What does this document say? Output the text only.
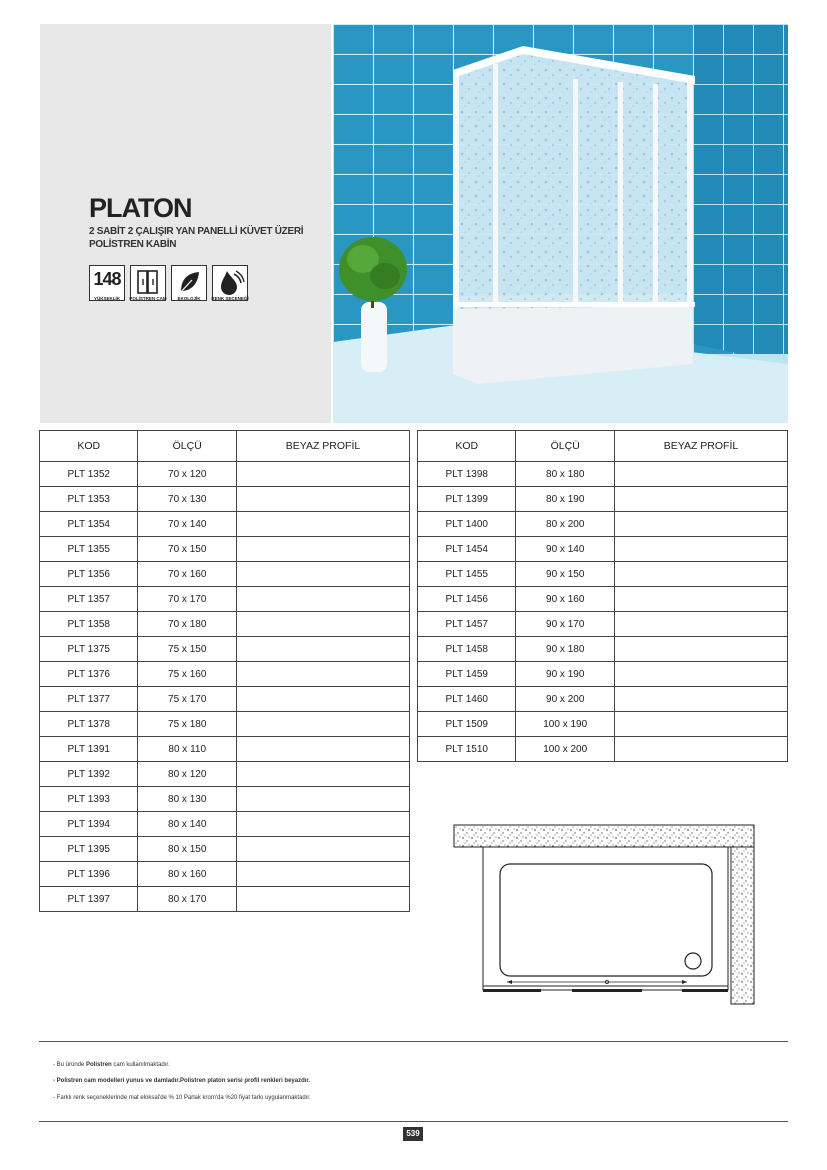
PLATON
2 SABİT 2 ÇALIŞIR YAN PANELLİ KÜVET ÜZERİ
POLİSTREN KABİN
148
YÜKSEKLİK	POLİSTREN CAM	EKOLOJİK	RENK SEÇENEĞİ
KOD	ÖLÇÜ	BEYAZ PROFİL
PLT 1352	70 x 120	
PLT 1353	70 x 130	
PLT 1354	70 x 140	
PLT 1355	70 x 150	
PLT 1356	70 x 160	
PLT 1357	70 x 170	
PLT 1358	70 x 180	
PLT 1375	75 x 150	
PLT 1376	75 x 160	
PLT 1377	75 x 170	
PLT 1378	75 x 180	
PLT 1391	80 x 110	
PLT 1392	80 x 120	
PLT 1393	80 x 130	
PLT 1394	80 x 140	
PLT 1395	80 x 150	
PLT 1396	80 x 160	
PLT 1397	80 x 170	
KOD	ÖLÇÜ	BEYAZ PROFİL
PLT 1398	80 x 180	
PLT 1399	80 x 190	
PLT 1400	80 x 200	
PLT 1454	90 x 140	
PLT 1455	90 x 150	
PLT 1456	90 x 160	
PLT 1457	90 x 170	
PLT 1458	90 x 180	
PLT 1459	90 x 190	
PLT 1460	90 x 200	
PLT 1509	100 x 190	
PLT 1510	100 x 200	
- Bu üründe Polistren cam kullanılmaktadır.
- Polistren cam modelleri yunus ve damladır.Polistren platon serisi profil renkleri beyazdır.
- Farklı renk seçeneklerinde mat eloksal'de % 10 Parlak krom'da %20 fiyat farkı uygulanmaktadır.
539
